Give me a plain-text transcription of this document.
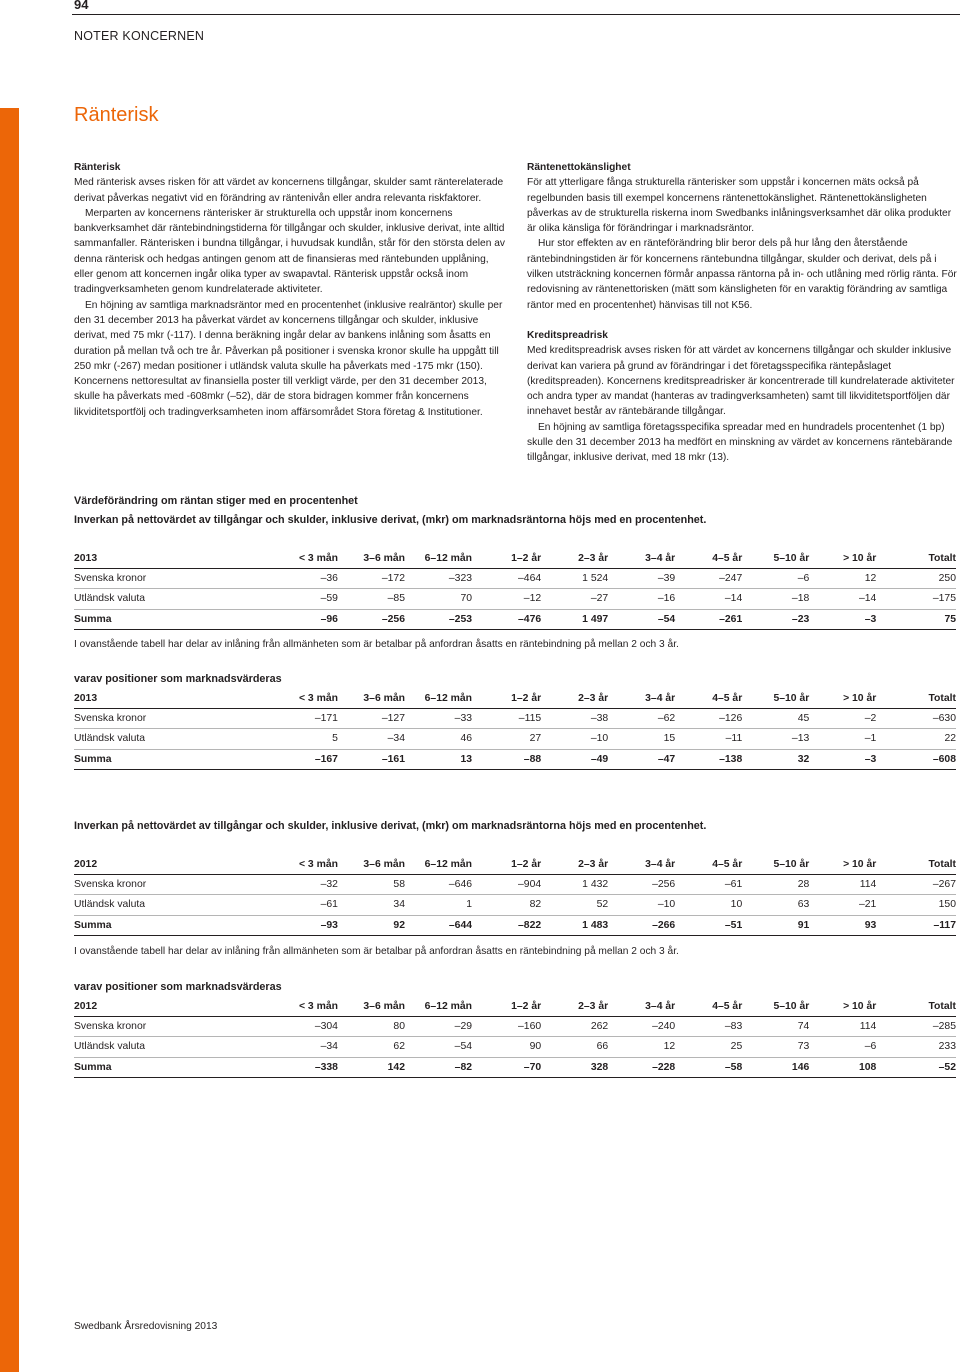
94
NOTER KONCERNEN
Ränterisk

Ränterisk

Med ränterisk avses risken för att värdet av koncernens tillgångar, skulder samt ränterelaterade derivat påverkas negativt vid en förändring av räntenivån eller andra relevanta riskfaktorer.

Merparten av koncernens ränterisker är strukturella och uppstår inom koncernens bankverksamhet där räntebindningstiderna för tillgångar och skulder, inklusive derivat, inte alltid sammanfaller. Ränterisken i bundna tillgångar, i huvudsak kundlån, står för den största delen av denna ränterisk och hedgas antingen genom att de finansieras med räntebunden upplåning, eller genom att koncernen ingår olika typer av swapavtal. Ränterisk uppstår också inom tradingverksamheten genom kundrelaterade aktiviteter.

En höjning av samtliga marknadsräntor med en procentenhet (inklusive realräntor) skulle per den 31 december 2013 ha påverkat värdet av koncernens tillgångar och skulder, inklusive derivat, med 75 mkr (-117). I denna beräkning ingår delar av bankens inlåning som åsatts en duration på mellan två och tre år. Påverkan på positioner i svenska kronor skulle ha uppgått till 250 mkr (-267) medan positioner i utländsk valuta skulle ha påverkats med -175 mkr (150). Koncernens nettoresultat av finansiella poster till verkligt värde, per den 31 december 2013, skulle ha påverkats med -608mkr (–52), där de stora bidragen kommer från koncernens likviditetsportfölj och tradingverksamheten inom affärsområdet Stora företag & Institutioner.

Räntenettokänslighet

För att ytterligare fånga strukturella ränterisker som uppstår i koncernen mäts också på regelbunden basis till exempel koncernens räntenettokänslighet. Räntenettokänsligheten påverkas av de strukturella riskerna inom Swedbanks inlåningsverksamhet där olika produkter är olika känsliga för förändringar i marknadsräntor.

Hur stor effekten av en ränteförändring blir beror dels på hur lång den återstående räntebindningstiden är för koncernens räntebundna tillgångar, skulder och derivat, dels på i vilken utsträckning koncernen förmår anpassa räntorna på in- och utlåning med rörlig ränta. För redovisning av räntenettorisken (mätt som känsligheten för en varaktig förändring av samtliga räntor med en procentenhet) hänvisas till not K56.

Kreditspreadrisk

Med kreditspreadrisk avses risken för att värdet av koncernens tillgångar och skulder inklusive derivat kan variera på grund av förändringar i det företagsspecifika räntepåslaget (kreditspreaden). Koncernens kreditspreadrisker är koncentrerade till kundrelaterade aktiviteter och andra typer av mandat (hanteras av tradingverksamheten) samt till likviditetsportföljen där innehavet består av räntebärande tillgångar.

En höjning av samtliga företagsspecifika spreadar med en hundradels procentenhet (1 bp) skulle den 31 december 2013 ha medfört en minskning av värdet av koncernens räntebärande tillgångar, inklusive derivat, med 18 mkr (13).

Värdeförändring om räntan stiger med en procentenhet
Inverkan på nettovärdet av tillgångar och skulder, inklusive derivat, (mkr) om marknadsräntorna höjs med en procentenhet.
2013	< 3 mån	3–6 mån	6–12 mån	1–2 år	2–3 år	3–4 år	4–5 år	5–10 år	> 10 år	Totalt
Svenska kronor	–36	–172	–323	–464	1 524	–39	–247	–6	12	250
Utländsk valuta	–59	–85	70	–12	–27	–16	–14	–18	–14	–175
Summa	–96	–256	–253	–476	1 497	–54	–261	–23	–3	75
I ovanstående tabell har delar av inlåning från allmänheten som är betalbar på anfordran åsatts en räntebindning på mellan 2 och 3 år.
varav positioner som marknadsvärderas
2013	< 3 mån	3–6 mån	6–12 mån	1–2 år	2–3 år	3–4 år	4–5 år	5–10 år	> 10 år	Totalt
Svenska kronor	–171	–127	–33	–115	–38	–62	–126	45	–2	–630
Utländsk valuta	5	–34	46	27	–10	15	–11	–13	–1	22
Summa	–167	–161	13	–88	–49	–47	–138	32	–3	–608
Inverkan på nettovärdet av tillgångar och skulder, inklusive derivat, (mkr) om marknadsräntorna höjs med en procentenhet.
2012	< 3 mån	3–6 mån	6–12 mån	1–2 år	2–3 år	3–4 år	4–5 år	5–10 år	> 10 år	Totalt
Svenska kronor	–32	58	–646	–904	1 432	–256	–61	28	114	–267
Utländsk valuta	–61	34	1	82	52	–10	10	63	–21	150
Summa	–93	92	–644	–822	1 483	–266	–51	91	93	–117
I ovanstående tabell har delar av inlåning från allmänheten som är betalbar på anfordran åsatts en räntebindning på mellan 2 och 3 år.
varav positioner som marknadsvärderas
2012	< 3 mån	3–6 mån	6–12 mån	1–2 år	2–3 år	3–4 år	4–5 år	5–10 år	> 10 år	Totalt
Svenska kronor	–304	80	–29	–160	262	–240	–83	74	114	–285
Utländsk valuta	–34	62	–54	90	66	12	25	73	–6	233
Summa	–338	142	–82	–70	328	–228	–58	146	108	–52
Swedbank Årsredovisning 2013
